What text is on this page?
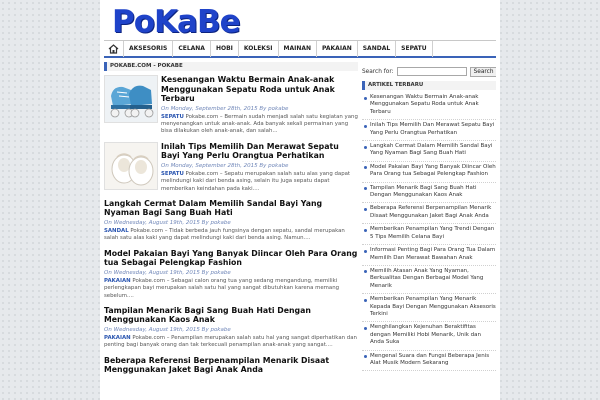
PoKaBe
AKSESORIS	CELANA	HOBI	KOLEKSI	MAINAN	PAKAIAN	SANDAL	SEPATU
POKABE.COM - POKABE
Kesenangan Waktu Bermain Anak-anak Menggunakan Sepatu Roda untuk Anak Terbaru
On Monday, September 28th, 2015 By pokabe
SEPATU Pokabe.com – Bermain sudah menjadi salah satu kegiatan yang menyenangkan untuk anak-anak. Ada banyak sekali permainan yang bisa dilakukan oleh anak-anak, dan salah...
Inilah Tips Memilih Dan Merawat Sepatu Bayi Yang Perlu Orangtua Perhatikan
On Monday, September 28th, 2015 By pokabe
SEPATU Pokabe.com – Sepatu merupakan salah satu alas yang dapat melindungi kaki dari benda asing, selain itu juga sepatu dapat memberikan keindahan pada kaki....
Langkah Cermat Dalam Memilih Sandal Bayi Yang Nyaman Bagi Sang Buah Hati
On Wednesday, August 19th, 2015 By pokabe
SANDAL Pokabe.com – Tidak berbeda jauh fungsinya dengan sepatu, sandal merupakan salah satu alas kaki yang dapat melindungi kaki dari benda asing. Namun....
Model Pakaian Bayi Yang Banyak Diincar Oleh Para Orang tua Sebagai Pelengkap Fashion
On Wednesday, August 19th, 2015 By pokabe
PAKAIAN Pokabe.com – Sebagai calon orang tua yang sedang mengandung, memiliki perlengkapan bayi merupakan salah satu hal yang sangat dibutuhkan karena memang sebelum....
Tampilan Menarik Bagi Sang Buah Hati Dengan Menggunakan Kaos Anak
On Wednesday, August 19th, 2015 By pokabe
PAKAIAN Pokabe.com – Penampilan merupakan salah satu hal yang sangat diperhatikan dan penting bagi banyak orang dan tak terkecuali penampilan anak-anak yang sangat....
Beberapa Referensi Berpenampilan Menarik Disaat Menggunakan Jaket Bagi Anak Anda
Search for:	Search
ARTIKEL TERBARU
Kesenangan Waktu Bermain Anak-anak Menggunakan Sepatu Roda untuk Anak Terbaru
Inilah Tips Memilih Dan Merawat Sepatu Bayi Yang Perlu Orangtua Perhatikan
Langkah Cermat Dalam Memilih Sandal Bayi Yang Nyaman Bagi Sang Buah Hati
Model Pakaian Bayi Yang Banyak Diincar Oleh Para Orang tua Sebagai Pelengkap Fashion
Tampilan Menarik Bagi Sang Buah Hati Dengan Menggunakan Kaos Anak
Beberapa Referensi Berpenampilan Menarik Disaat Menggunakan Jaket Bagi Anak Anda
Memberikan Penampilan Yang Trendi Dengan 5 Tips Memilih Celana Bayi
Informasi Penting Bagi Para Orang Tua Dalam Memilih Dan Merawat Bawahan Anak
Memilih Atasan Anak Yang Nyaman, Berkualitas Dengan Berbagai Model Yang Menarik
Memberikan Penampilan Yang Menarik Kepada Bayi Dengan Menggunakan Aksesoris Terkini
Menghilangkan Kejenuhan Beraktifitas dengan Memiliki Hobi Menarik, Unik dan Anda Suka
Mengenal Suara dan Fungsi Beberapa Jenis Alat Musik Modern Sekarang
